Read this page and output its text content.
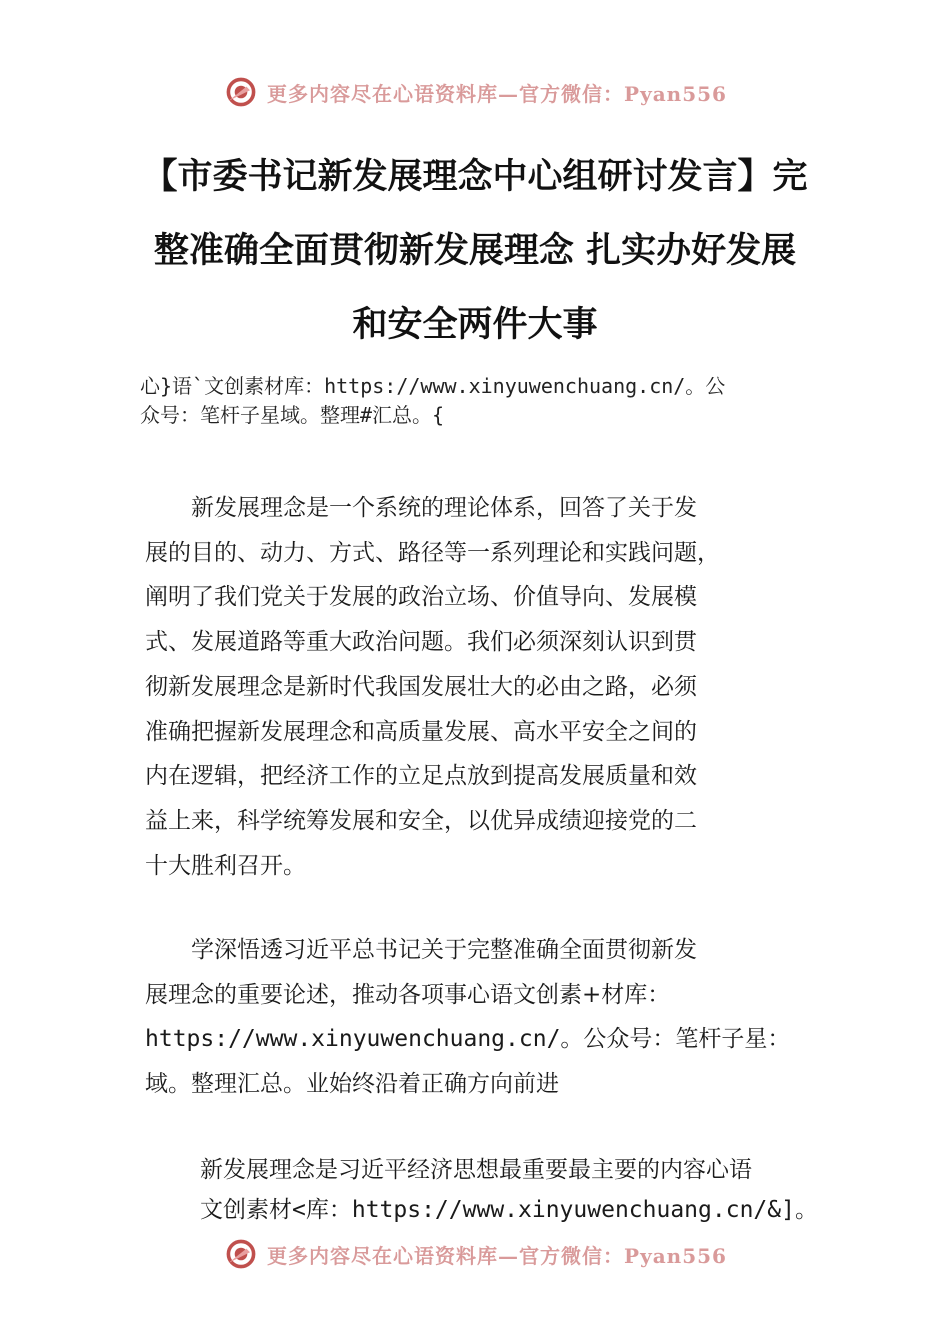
更多内容尽在心语资料库—官方微信：Pyan556
【市委书记新发展理念中心组研讨发言】完
整准确全面贯彻新发展理念 扎实办好发展
和安全两件大事
心}语`文创素材库：https://www.xinyuwenchuang.cn/。公
众号：笔杆子星域。整理#汇总。{
　　新发展理念是一个系统的理论体系，回答了关于发
展的目的、动力、方式、路径等一系列理论和实践问题，
阐明了我们党关于发展的政治立场、价值导向、发展模
式、发展道路等重大政治问题。我们必须深刻认识到贯
彻新发展理念是新时代我国发展壮大的必由之路，必须
准确把握新发展理念和高质量发展、高水平安全之间的
内在逻辑，把经济工作的立足点放到提高发展质量和效
益上来，科学统筹发展和安全，以优异成绩迎接党的二
十大胜利召开。
　　学深悟透习近平总书记关于完整准确全面贯彻新发
展理念的重要论述，推动各项事心语文创素+材库：
https://www.xinyuwenchuang.cn/。公众号：笔杆子星：
域。整理汇总。业始终沿着正确方向前进
新发展理念是习近平经济思想最重要最主要的内容心语
文创素材<库：https://www.xinyuwenchuang.cn/&]。
更多内容尽在心语资料库—官方微信：Pyan556
